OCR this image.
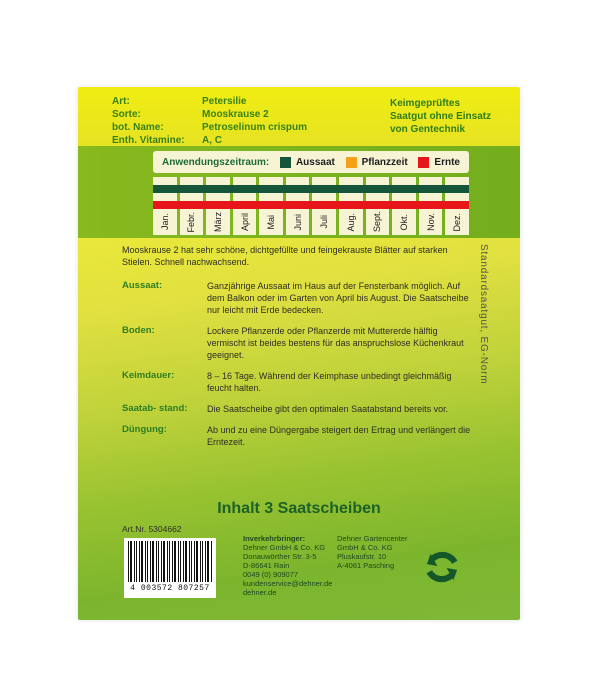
Art:	Petersilie
Sorte:	Mooskrause 2
bot. Name:	Petroselinum crispum
Enth. Vitamine:	A, C
Keimgeprüftes
Saatgut ohne Einsatz
von Gentechnik
Anwendungszeitraum:	Aussaat	Pflanzzeit	Ernte
Jan. Febr. März April Mai Juni Juli Aug. Sept. Okt. Nov. Dez.
Mooskrause 2 hat sehr schöne, dichtgefüllte und feingekrauste Blätter auf starken Stielen. Schnell nachwachsend.
Aussaat:	Ganzjährige Aussaat im Haus auf der Fensterbank möglich. Auf dem Balkon oder im Garten von April bis August. Die Saatscheibe nur leicht mit Erde bedecken.
Boden:	Lockere Pflanzerde oder Pflanzerde mit Muttererde hälftig vermischt ist beides bestens für das anspruchslose Küchenkraut geeignet.
Keimdauer:	8 – 16 Tage. Während der Keimphase unbedingt gleichmäßig feucht halten.
Saatab- stand:	Die Saatscheibe gibt den optimalen Saatabstand bereits vor.
Düngung:	Ab und zu eine Düngergabe steigert den Ertrag und verlängert die Erntezeit.
Standardsaatgut, EG-Norm
Inhalt 3 Saatscheiben
Art.Nr. 5304662
4 003572 807257
Inverkehrbringer:
Dehner GmbH & Co. KG
Donauwörther Str. 3-5
D-86641 Rain
0049 (0) 909077
kundenservice@dehner.de
dehner.de
Dehner Gartencenter
GmbH & Co. KG
Pluskaufstr. 10
A-4061 Pasching
